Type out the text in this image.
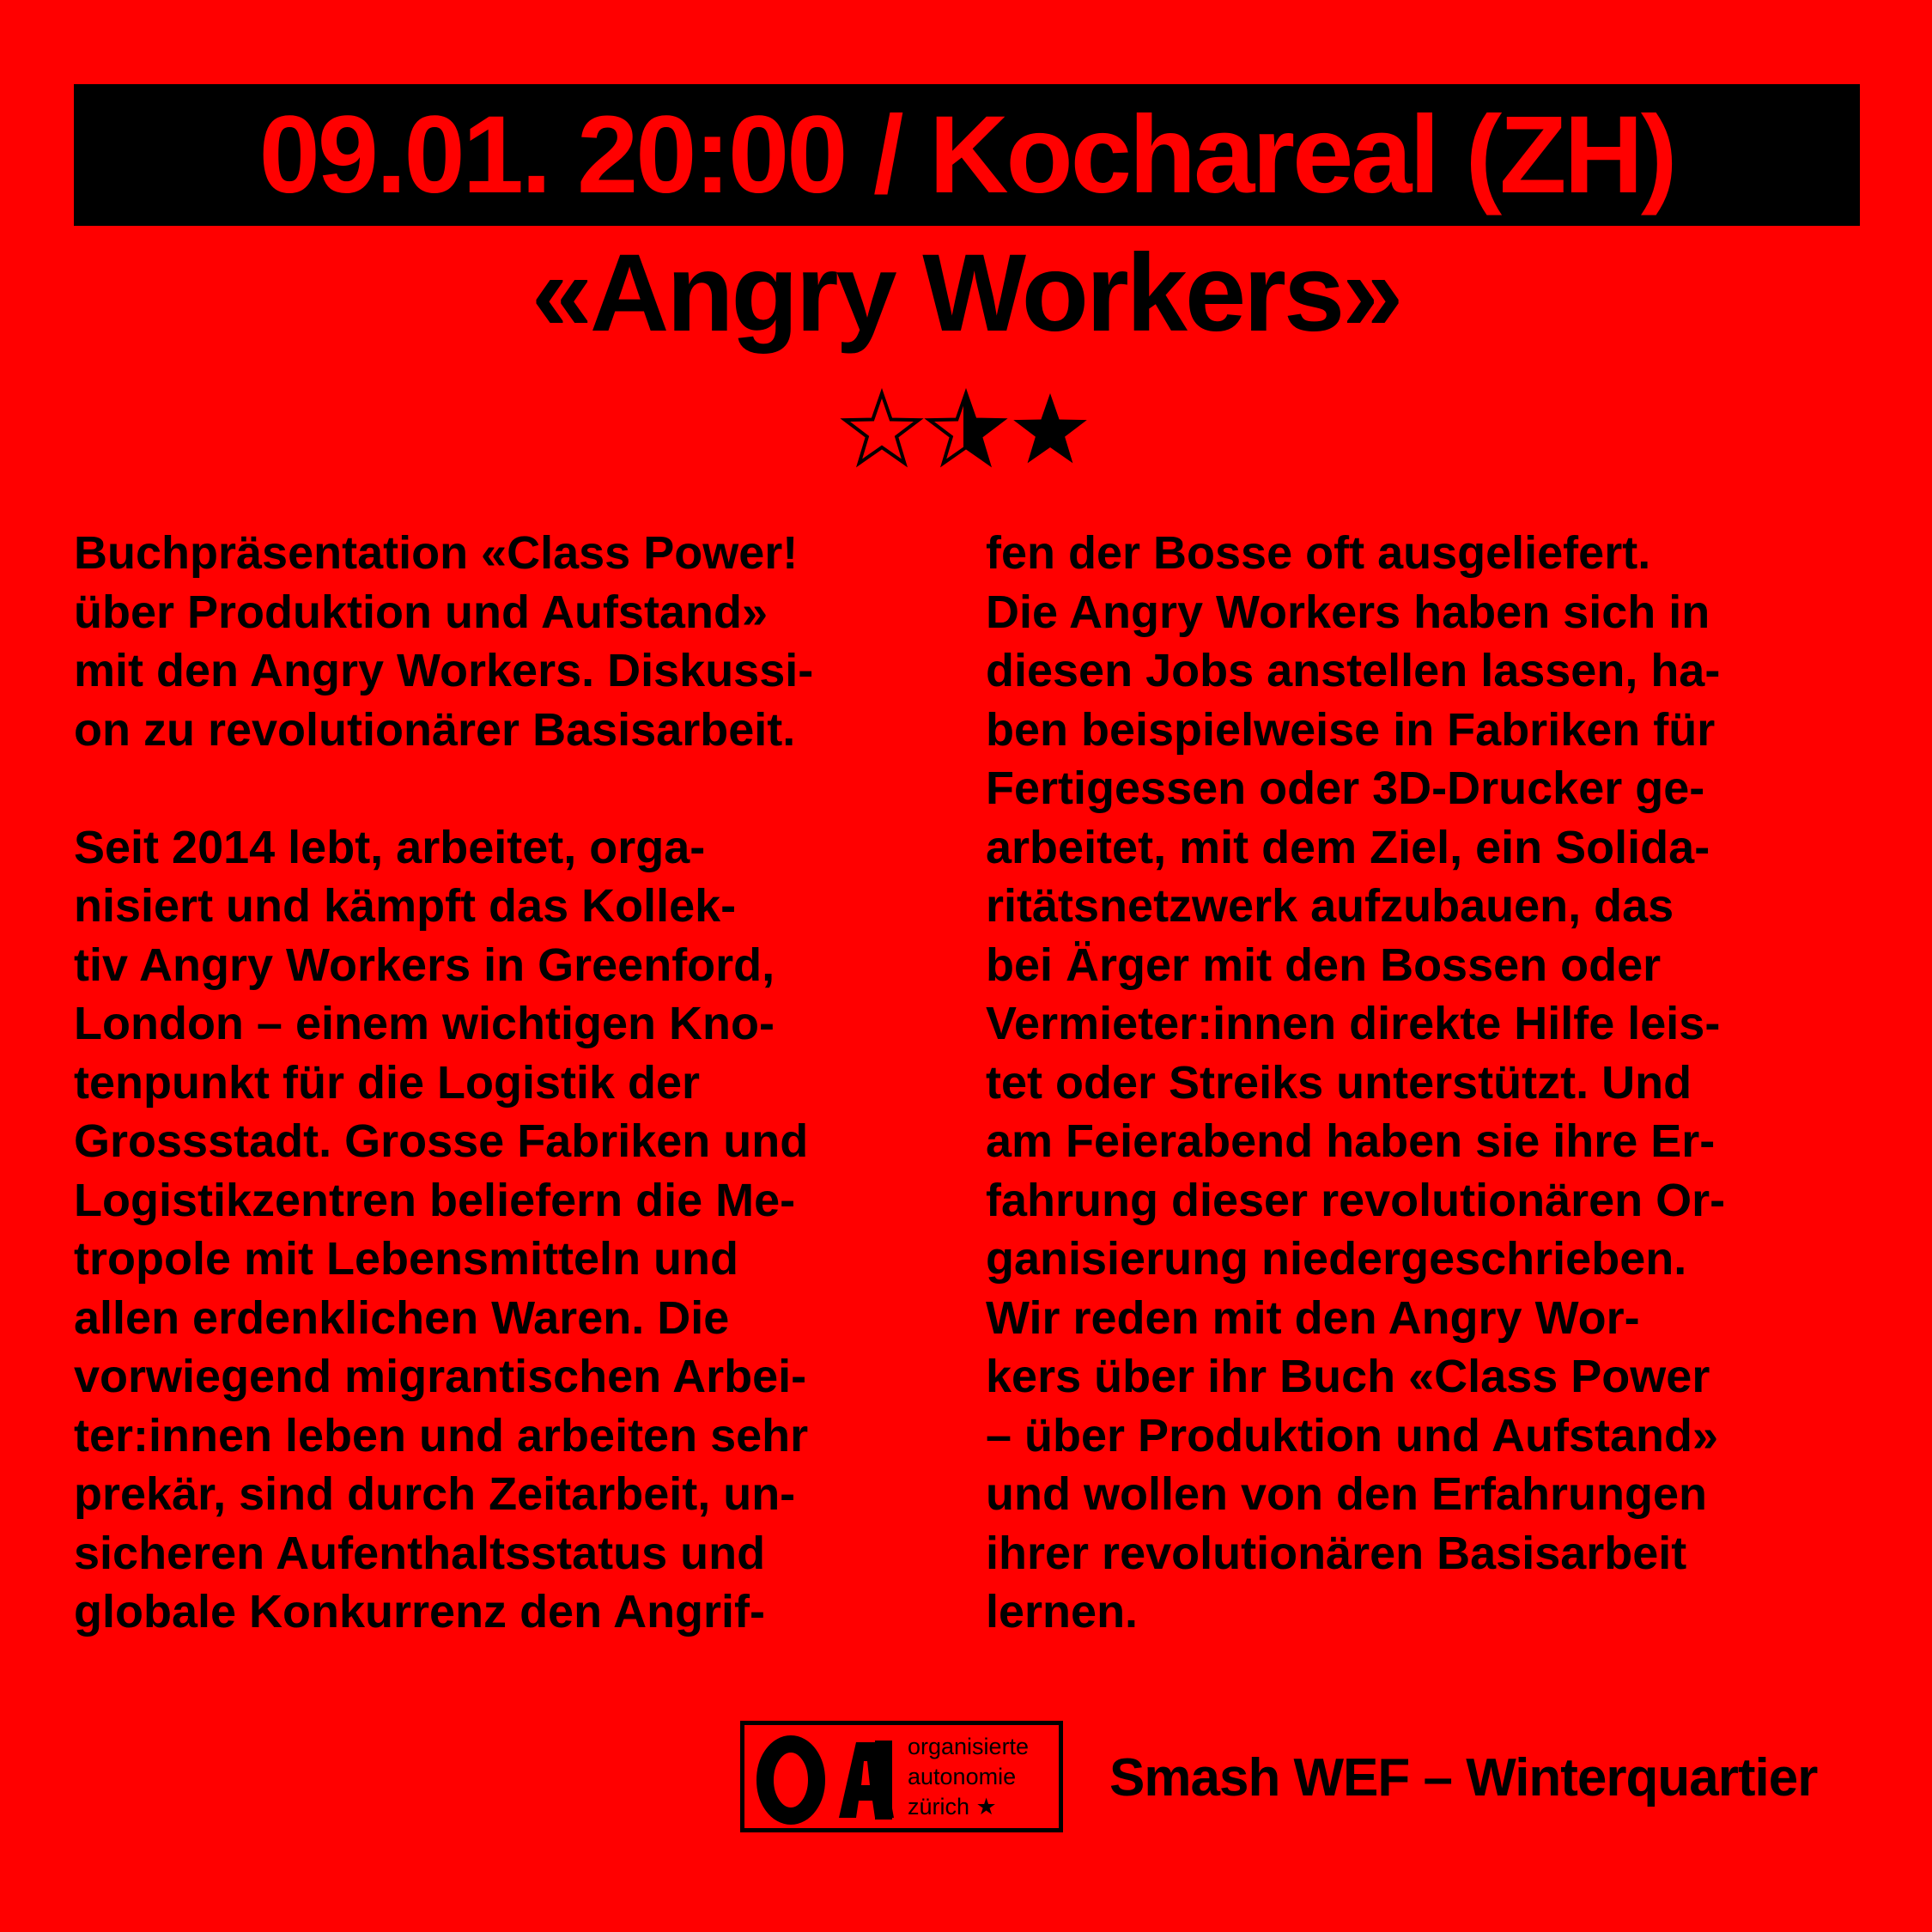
09.01. 20:00 / Kochareal (ZH)
«Angry Workers»
Buchpräsentation «Class Power!
über Produktion und Aufstand»
mit den Angry Workers. Diskussi-
on zu revolutionärer Basisarbeit.
Seit 2014 lebt, arbeitet, orga-
nisiert und kämpft das Kollek-
tiv Angry Workers in Greenford,
London – einem wichtigen Kno-
tenpunkt für die Logistik der
Grossstadt. Grosse Fabriken und
Logistikzentren beliefern die Me-
tropole mit Lebensmitteln und
allen erdenklichen Waren. Die
vorwiegend migrantischen Arbei-
ter:innen leben und arbeiten sehr
prekär, sind durch Zeitarbeit, un-
sicheren Aufenthaltsstatus und
globale Konkurrenz den Angrif-
fen der Bosse oft ausgeliefert.
Die Angry Workers haben sich in
diesen Jobs anstellen lassen, ha-
ben beispielweise in Fabriken für
Fertigessen oder 3D-Drucker ge-
arbeitet, mit dem Ziel, ein Solida-
ritätsnetzwerk aufzubauen, das
bei Ärger mit den Bossen oder
Vermieter:innen direkte Hilfe leis-
tet oder Streiks unterstützt. Und
am Feierabend haben sie ihre Er-
fahrung dieser revolutionären Or-
ganisierung niedergeschrieben.
Wir reden mit den Angry Wor-
kers über ihr Buch «Class Power
– über Produktion und Aufstand»
und wollen von den Erfahrungen
ihrer revolutionären Basisarbeit
lernen.
organisierte
autonomie
zürich ★	Smash WEF – Winterquartier
